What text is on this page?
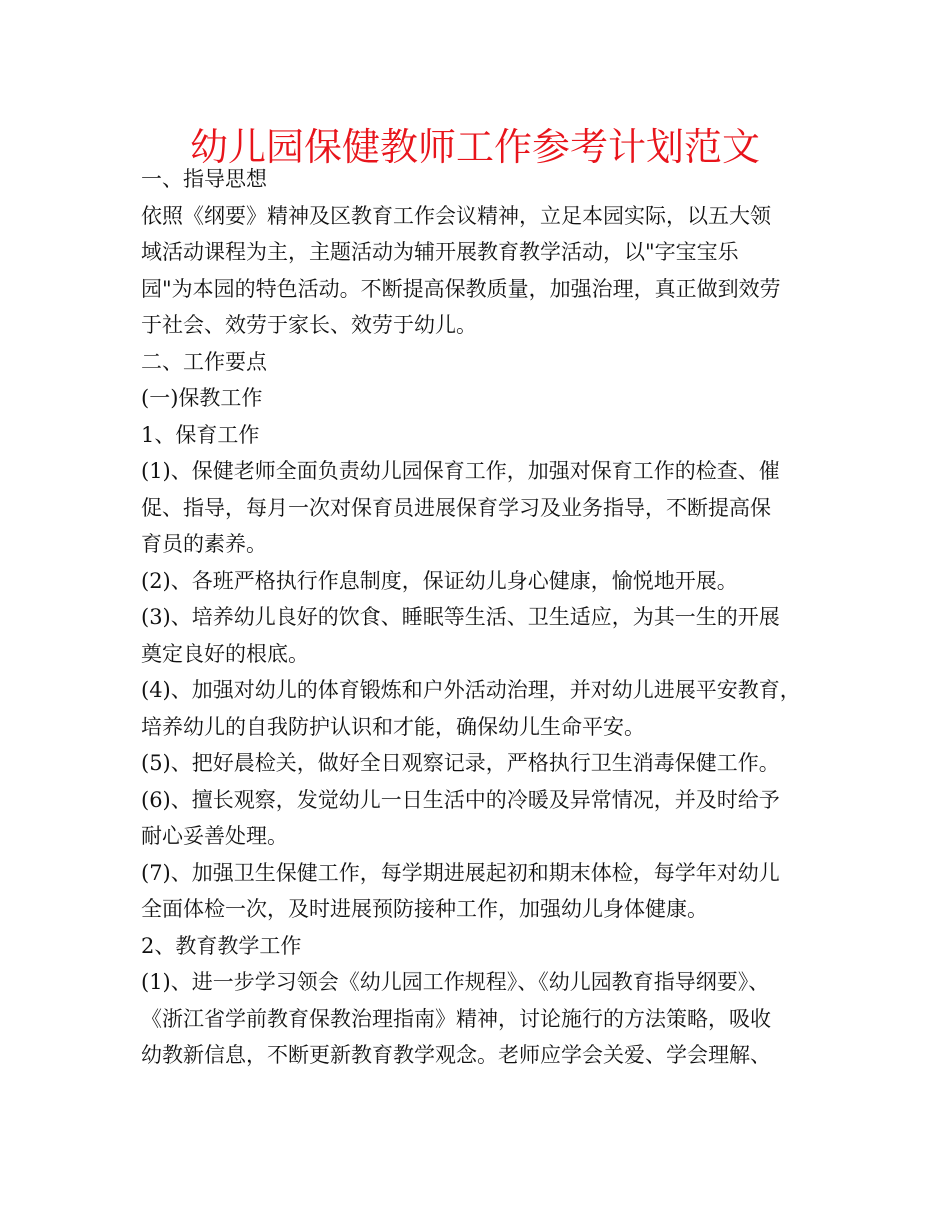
幼儿园保健教师工作参考计划范文
一、指导思想
依照《纲要》精神及区教育工作会议精神，立足本园实际，以五大领
域活动课程为主，主题活动为辅开展教育教学活动，以"字宝宝乐
园"为本园的特色活动。不断提高保教质量，加强治理，真正做到效劳
于社会、效劳于家长、效劳于幼儿。
二、工作要点
(一)保教工作
1、保育工作
(1)、保健老师全面负责幼儿园保育工作，加强对保育工作的检查、催
促、指导，每月一次对保育员进展保育学习及业务指导，不断提高保
育员的素养。
(2)、各班严格执行作息制度，保证幼儿身心健康，愉悦地开展。
(3)、培养幼儿良好的饮食、睡眠等生活、卫生适应，为其一生的开展
奠定良好的根底。
(4)、加强对幼儿的体育锻炼和户外活动治理，并对幼儿进展平安教育，
培养幼儿的自我防护认识和才能，确保幼儿生命平安。
(5)、把好晨检关，做好全日观察记录，严格执行卫生消毒保健工作。
(6)、擅长观察，发觉幼儿一日生活中的冷暖及异常情况，并及时给予
耐心妥善处理。
(7)、加强卫生保健工作，每学期进展起初和期末体检，每学年对幼儿
全面体检一次，及时进展预防接种工作，加强幼儿身体健康。
2、教育教学工作
(1)、进一步学习领会《幼儿园工作规程》、《幼儿园教育指导纲要》、
《浙江省学前教育保教治理指南》精神，讨论施行的方法策略，吸收
幼教新信息，不断更新教育教学观念。老师应学会关爱、学会理解、
